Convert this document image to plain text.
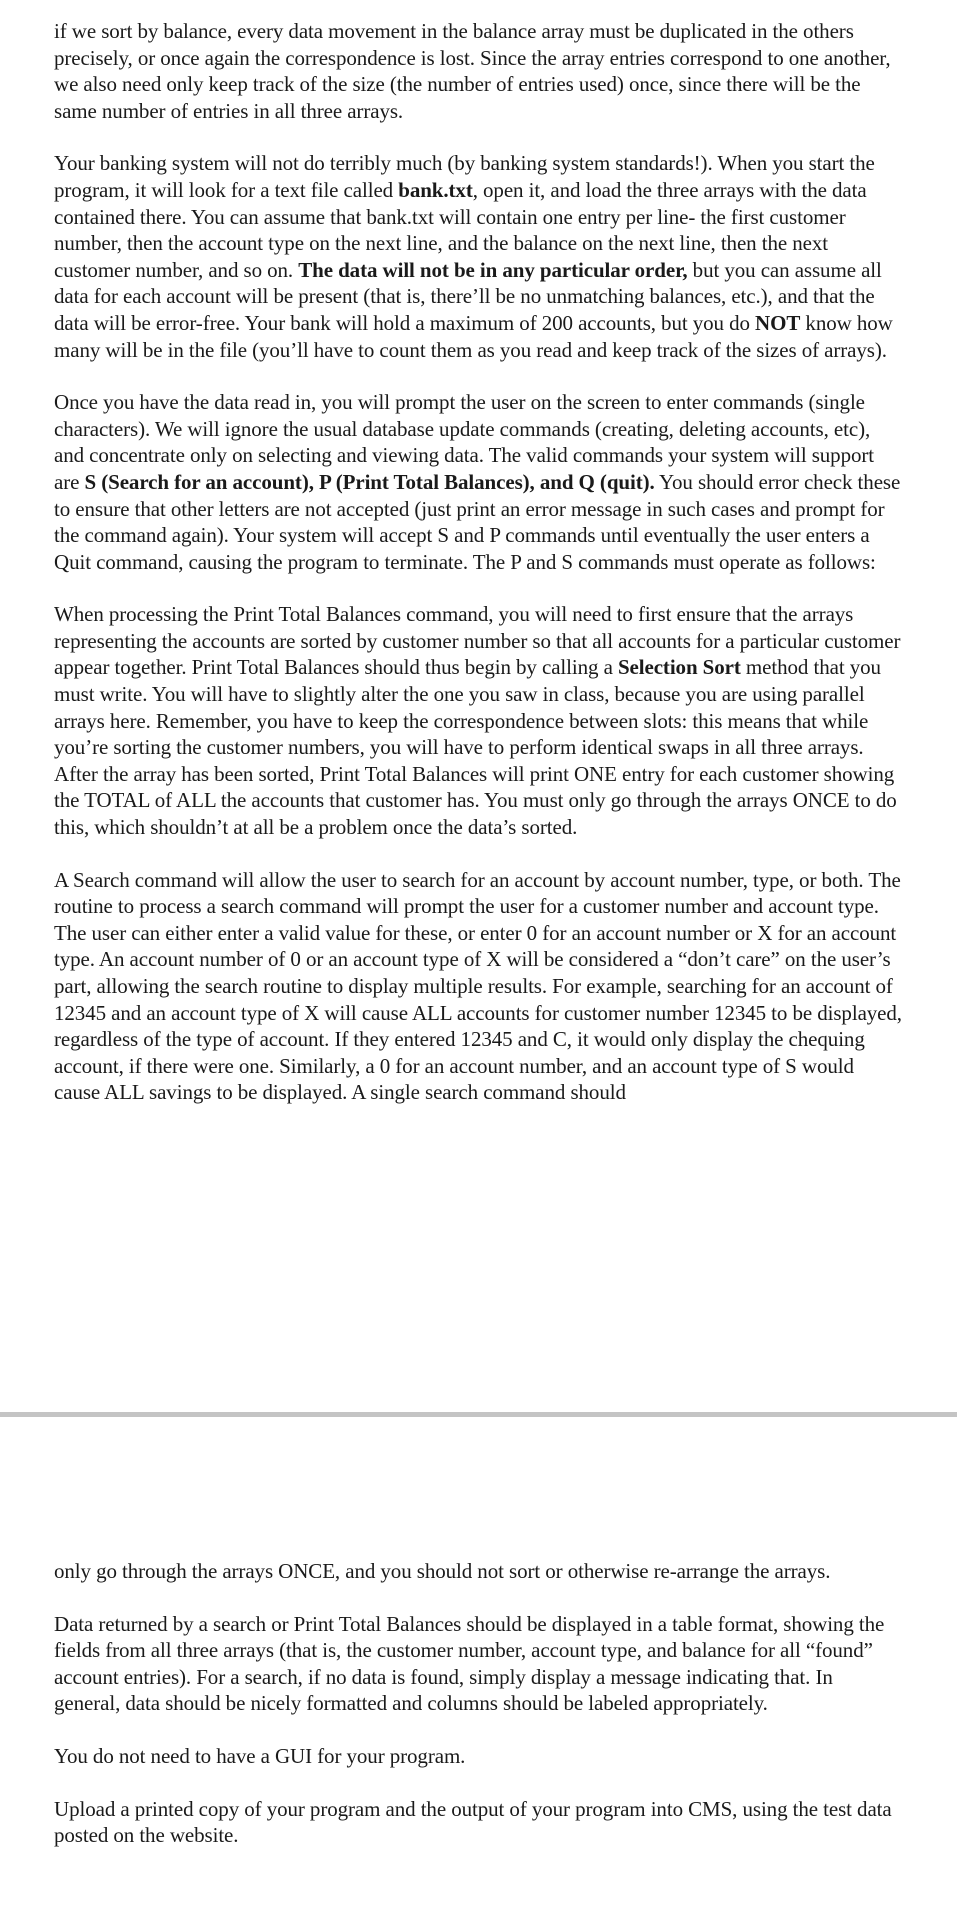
if we sort by balance, every data movement in the balance array must be duplicated in the others precisely, or once again the correspondence is lost. Since the array entries correspond to one another, we also need only keep track of the size (the number of entries used) once, since there will be the same number of entries in all three arrays.

Your banking system will not do terribly much (by banking system standards!). When you start the program, it will look for a text file called bank.txt, open it, and load the three arrays with the data contained there. You can assume that bank.txt will contain one entry per line- the first customer number, then the account type on the next line, and the balance on the next line, then the next customer number, and so on. The data will not be in any particular order, but you can assume all data for each account will be present (that is, there’ll be no unmatching balances, etc.), and that the data will be error-free. Your bank will hold a maximum of 200 accounts, but you do NOT know how many will be in the file (you’ll have to count them as you read and keep track of the sizes of arrays).

Once you have the data read in, you will prompt the user on the screen to enter commands (single characters). We will ignore the usual database update commands (creating, deleting accounts, etc), and concentrate only on selecting and viewing data. The valid commands your system will support are S (Search for an account), P (Print Total Balances), and Q (quit). You should error check these to ensure that other letters are not accepted (just print an error message in such cases and prompt for the command again). Your system will accept S and P commands until eventually the user enters a Quit command, causing the program to terminate. The P and S commands must operate as follows:

When processing the Print Total Balances command, you will need to first ensure that the arrays representing the accounts are sorted by customer number so that all accounts for a particular customer appear together. Print Total Balances should thus begin by calling a Selection Sort method that you must write. You will have to slightly alter the one you saw in class, because you are using parallel arrays here. Remember, you have to keep the correspondence between slots: this means that while you’re sorting the customer numbers, you will have to perform identical swaps in all three arrays. After the array has been sorted, Print Total Balances will print ONE entry for each customer showing the TOTAL of ALL the accounts that customer has. You must only go through the arrays ONCE to do this, which shouldn’t at all be a problem once the data’s sorted.

A Search command will allow the user to search for an account by account number, type, or both. The routine to process a search command will prompt the user for a customer number and account type. The user can either enter a valid value for these, or enter 0 for an account number or X for an account type. An account number of 0 or an account type of X will be considered a “don’t care” on the user’s part, allowing the search routine to display multiple results. For example, searching for an account of 12345 and an account type of X will cause ALL accounts for customer number 12345 to be displayed, regardless of the type of account. If they entered 12345 and C, it would only display the chequing account, if there were one. Similarly, a 0 for an account number, and an account type of S would cause ALL savings to be displayed. A single search command should

only go through the arrays ONCE, and you should not sort or otherwise re-arrange the arrays.

Data returned by a search or Print Total Balances should be displayed in a table format, showing the fields from all three arrays (that is, the customer number, account type, and balance for all “found” account entries). For a search, if no data is found, simply display a message indicating that. In general, data should be nicely formatted and columns should be labeled appropriately.

You do not need to have a GUI for your program.

Upload a printed copy of your program and the output of your program into CMS, using the test data posted on the website.
